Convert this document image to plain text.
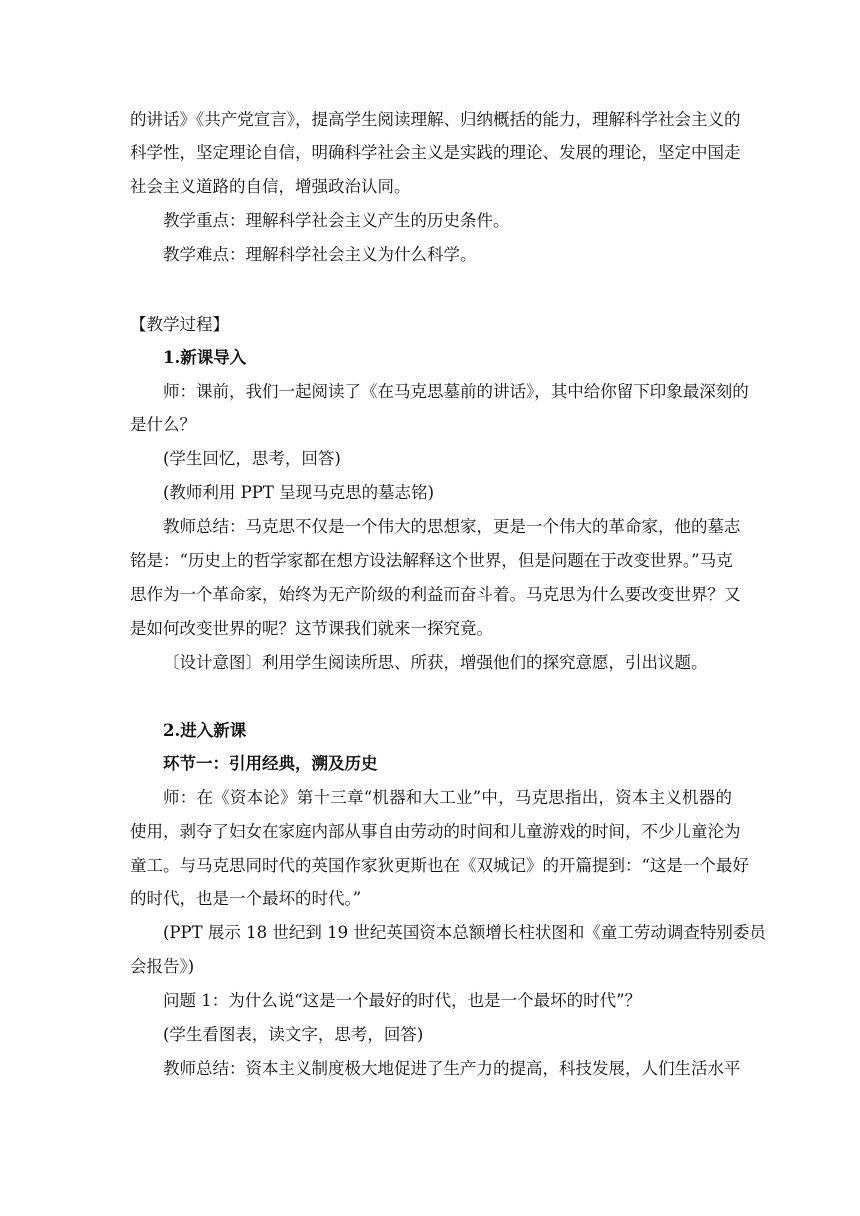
的讲话》《共产党宣言》，提高学生阅读理解、归纳概括的能力，理解科学社会主义的
科学性，坚定理论自信，明确科学社会主义是实践的理论、发展的理论，坚定中国走
社会主义道路的自信，增强政治认同。
教学重点：理解科学社会主义产生的历史条件。
教学难点：理解科学社会主义为什么科学。
【教学过程】
1.新课导入
师：课前，我们一起阅读了《在马克思墓前的讲话》，其中给你留下印象最深刻的
是什么？
(学生回忆，思考，回答)
(教师利用 PPT 呈现马克思的墓志铭)
教师总结：马克思不仅是一个伟大的思想家，更是一个伟大的革命家，他的墓志
铭是：“历史上的哲学家都在想方设法解释这个世界，但是问题在于改变世界。”马克
思作为一个革命家，始终为无产阶级的利益而奋斗着。马克思为什么要改变世界？又
是如何改变世界的呢？这节课我们就来一探究竟。
〔设计意图〕利用学生阅读所思、所获，增强他们的探究意愿，引出议题。
2.进入新课
环节一：引用经典，溯及历史
师：在《资本论》第十三章“机器和大工业”中，马克思指出，资本主义机器的
使用，剥夺了妇女在家庭内部从事自由劳动的时间和儿童游戏的时间，不少儿童沦为
童工。与马克思同时代的英国作家狄更斯也在《双城记》的开篇提到：“这是一个最好
的时代，也是一个最坏的时代。”
(PPT 展示 18 世纪到 19 世纪英国资本总额增长柱状图和《童工劳动调查特别委员
会报告》)
问题 1：为什么说“这是一个最好的时代，也是一个最坏的时代”？
(学生看图表，读文字，思考，回答)
教师总结：资本主义制度极大地促进了生产力的提高，科技发展，人们生活水平
